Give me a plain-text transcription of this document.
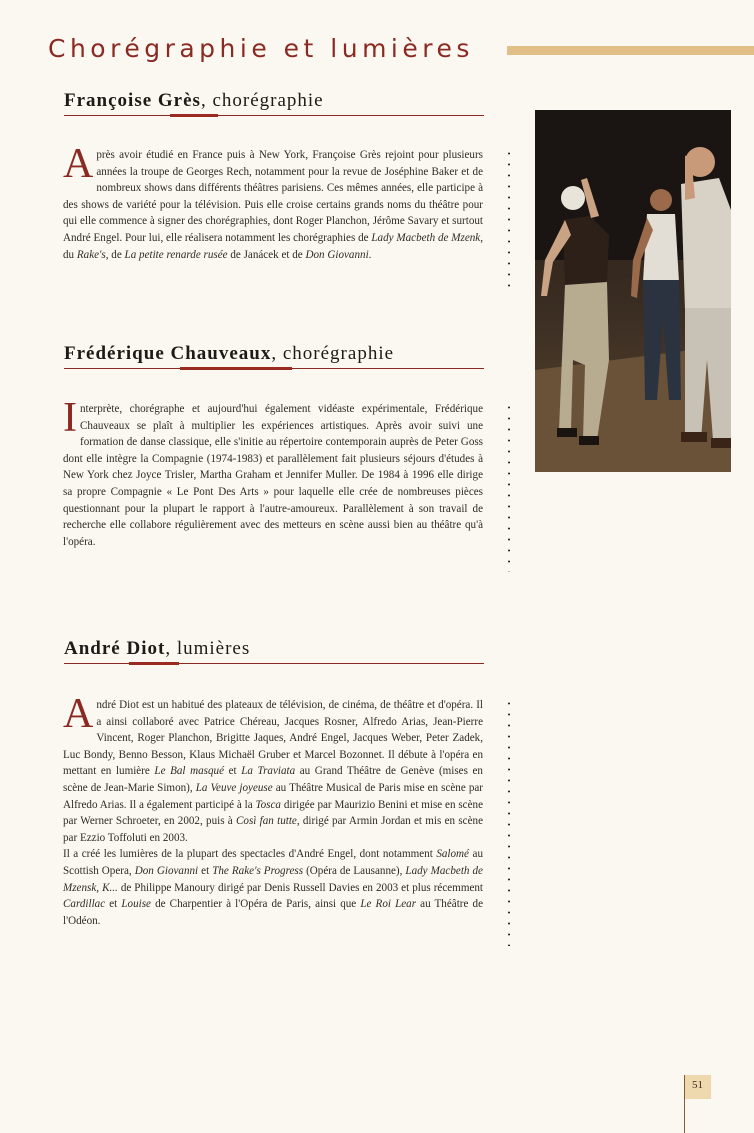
Chorégraphie et lumières
Françoise Grès, chorégraphie

A près avoir étudié en France puis à New York, Françoise Grès rejoint pour plusieurs années la troupe de Georges Rech, notamment pour la revue de Joséphine Baker et de nombreux shows dans différents théâtres parisiens. Ces mêmes années, elle participe à des shows de variété pour la télévision. Puis elle croise certains grands noms du théâtre pour qui elle commence à signer des chorégraphies, dont Roger Planchon, Jérôme Savary et surtout André Engel. Pour lui, elle réalisera notamment les chorégraphies de Lady Macbeth de Mzenk, du Rake's, de La petite renarde rusée de Janácek et de Don Giovanni.

Frédérique Chauveaux, chorégraphie

I nterprète, chorégraphe et aujourd'hui également vidéaste expérimentale, Frédérique Chauveaux se plaît à multiplier les expériences artistiques. Après avoir suivi une formation de danse classique, elle s'initie au répertoire contemporain auprès de Peter Goss dont elle intègre la Compagnie (1974-1983) et parallèlement fait plusieurs séjours d'études à New York chez Joyce Trisler, Martha Graham et Jennifer Muller. De 1984 à 1996 elle dirige sa propre Compagnie « Le Pont Des Arts » pour laquelle elle crée de nombreuses pièces questionnant pour la plupart le rapport à l'autre-amoureux. Parallèlement à son travail de recherche elle collabore régulièrement avec des metteurs en scène aussi bien au théâtre qu'à l'opéra.

André Diot, lumières

A ndré Diot est un habitué des plateaux de télévision, de cinéma, de théâtre et d'opéra. Il a ainsi collaboré avec Patrice Chéreau, Jacques Rosner, Alfredo Arias, Jean-Pierre Vincent, Roger Planchon, Brigitte Jaques, André Engel, Jacques Weber, Peter Zadek, Luc Bondy, Benno Besson, Klaus Michaël Gruber et Marcel Bozonnet. Il débute à l'opéra en mettant en lumière Le Bal masqué et La Traviata au Grand Théâtre de Genève (mises en scène de Jean-Marie Simon), La Veuve joyeuse au Théâtre Musical de Paris mise en scène par Alfredo Arias. Il a également participé à la Tosca dirigée par Maurizio Benini et mise en scène par Werner Schroeter, en 2002, puis à Così fan tutte, dirigé par Armin Jordan et mis en scène par Ezzio Toffoluti en 2003.
Il a créé les lumières de la plupart des spectacles d'André Engel, dont notamment Salomé au Scottish Opera, Don Giovanni et The Rake's Progress (Opéra de Lausanne), Lady Macbeth de Mzensk, K... de Philippe Manoury dirigé par Denis Russell Davies en 2003 et plus récemment Cardillac et Louise de Charpentier à l'Opéra de Paris, ainsi que Le Roi Lear au Théâtre de l'Odéon.

51
